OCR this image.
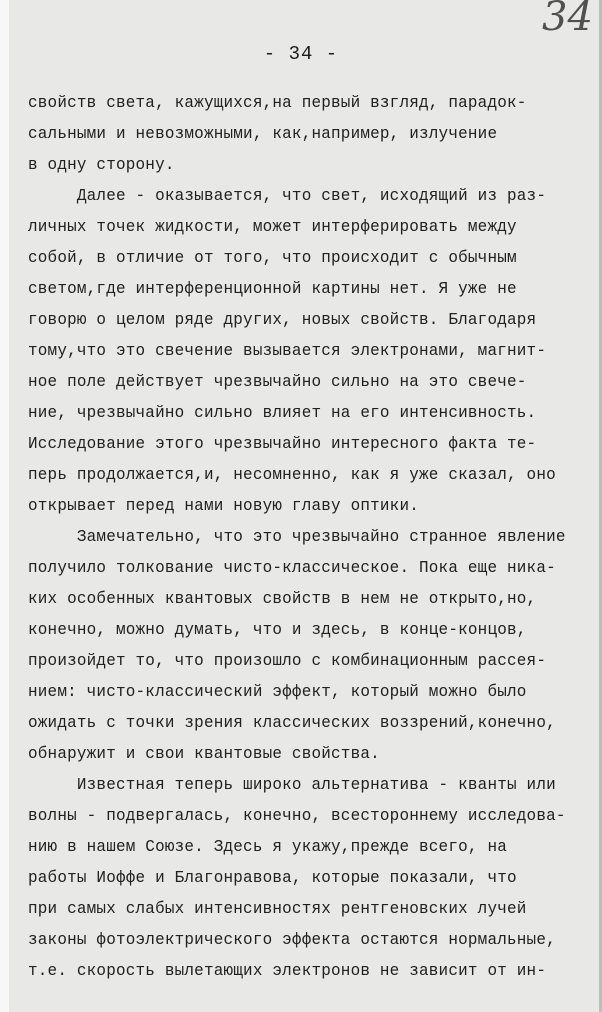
34
- 34 -
свойств света, кажущихся,на первый взгляд, парадок-
сальными и невозможными, как,например, излучение
в одну сторону.
Далее - оказывается, что свет, исходящий из раз-
личных точек жидкости, может интерферировать между
собой, в отличие от того, что происходит с обычным
светом,где интерференционной картины нет. Я уже не
говорю о целом ряде других, новых свойств. Благодаря
тому,что это свечение вызывается электронами, магнит-
ное поле действует чрезвычайно сильно на это свече-
ние, чрезвычайно сильно влияет на его интенсивность.
Исследование этого чрезвычайно интересного факта те-
перь продолжается,и, несомненно, как я уже сказал, оно
открывает перед нами новую главу оптики.
Замечательно, что это чрезвычайно странное явление
получило толкование чисто-классическое. Пока еще ника-
ких особенных квантовых свойств в нем не открыто,но,
конечно, можно думать, что и здесь, в конце-концов,
произойдет то, что произошло с комбинационным рассея-
нием: чисто-классический эффект, который можно было
ожидать с точки зрения классических воззрений,конечно,
обнаружит и свои квантовые свойства.
Известная теперь широко альтернатива - кванты или
волны - подвергалась, конечно, всестороннему исследова-
нию в нашем Союзе. Здесь я укажу,прежде всего, на
работы Иоффе и Благонравова, которые показали, что
при самых слабых интенсивностях рентгеновских лучей
законы фотоэлектрического эффекта остаются нормальные,
т.е. скорость вылетающих электронов не зависит от ин-
